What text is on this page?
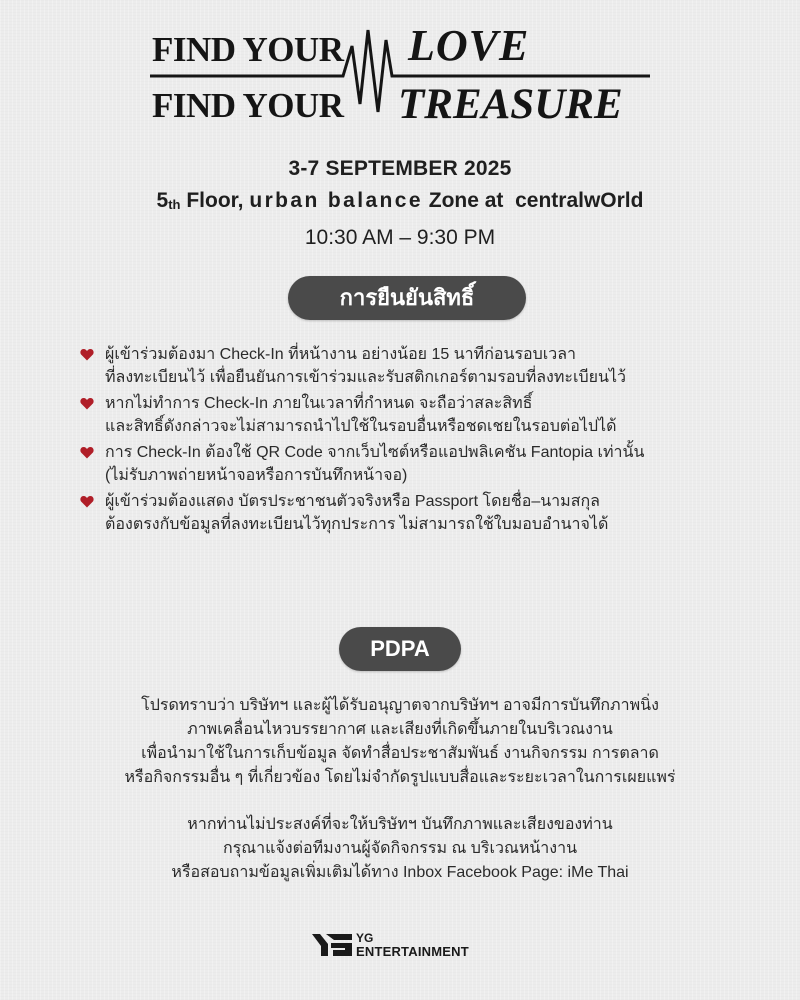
FIND YOUR LOVE
FIND YOUR TREASURE
3-7 SEPTEMBER 2025
$5_{th}$ Floor, urban balance Zone at  centralwOrld
10:30 AM – 9:30 PM
การยืนยันสิทธิ์
ผู้เข้าร่วมต้องมา Check-In ที่หน้างาน อย่างน้อย 15 นาทีก่อนรอบเวลา
ที่ลงทะเบียนไว้ เพื่อยืนยันการเข้าร่วมและรับสติกเกอร์ตามรอบที่ลงทะเบียนไว้
หากไม่ทำการ Check-In ภายในเวลาที่กำหนด จะถือว่าสละสิทธิ์
และสิทธิ์ดังกล่าวจะไม่สามารถนำไปใช้ในรอบอื่นหรือชดเชยในรอบต่อไปได้
การ Check-In ต้องใช้ QR Code จากเว็บไซต์หรือแอปพลิเคชัน Fantopia เท่านั้น
(ไม่รับภาพถ่ายหน้าจอหรือการบันทึกหน้าจอ)
ผู้เข้าร่วมต้องแสดง บัตรประชาชนตัวจริงหรือ Passport โดยชื่อ–นามสกุล
ต้องตรงกับข้อมูลที่ลงทะเบียนไว้ทุกประการ ไม่สามารถใช้ใบมอบอำนาจได้
PDPA
โปรดทราบว่า บริษัทฯ และผู้ได้รับอนุญาตจากบริษัทฯ อาจมีการบันทึกภาพนิ่ง
ภาพเคลื่อนไหวบรรยากาศ และเสียงที่เกิดขึ้นภายในบริเวณงาน
เพื่อนำมาใช้ในการเก็บข้อมูล จัดทำสื่อประชาสัมพันธ์ งานกิจกรรม การตลาด
หรือกิจกรรมอื่น ๆ ที่เกี่ยวข้อง โดยไม่จำกัดรูปแบบสื่อและระยะเวลาในการเผยแพร่
หากท่านไม่ประสงค์ที่จะให้บริษัทฯ บันทึกภาพและเสียงของท่าน
กรุณาแจ้งต่อทีมงานผู้จัดกิจกรรม ณ บริเวณหน้างาน
หรือสอบถามข้อมูลเพิ่มเติมได้ทาง Inbox Facebook Page: iMe Thai
YG
ENTERTAINMENT
